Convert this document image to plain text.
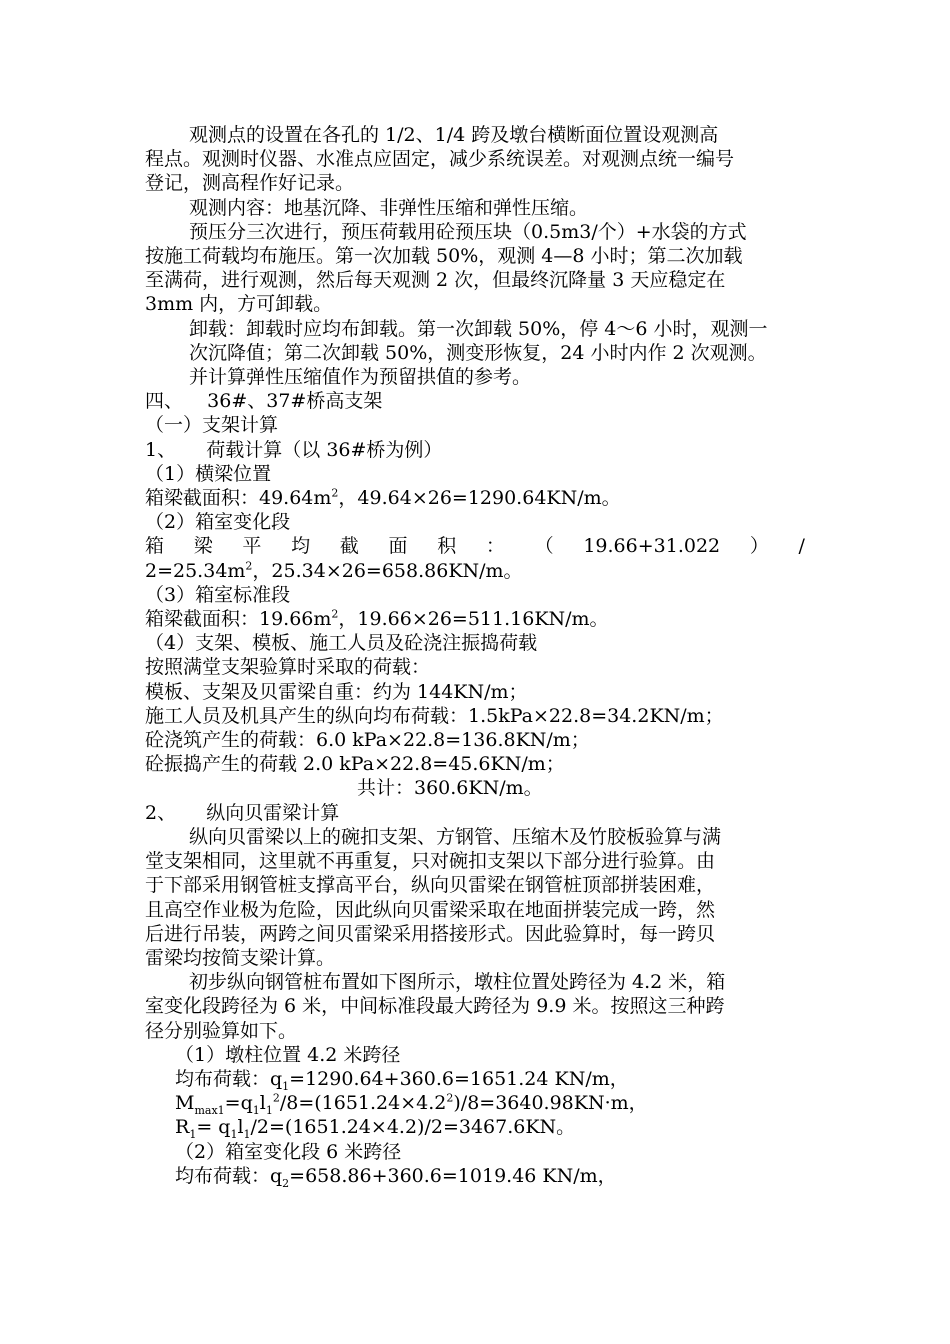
观测点的设置在各孔的 1/2、1/4 跨及墩台横断面位置设观测高

程点。观测时仪器、水准点应固定，减少系统误差。对观测点统一编号

登记，测高程作好记录。

观测内容：地基沉降、非弹性压缩和弹性压缩。

预压分三次进行，预压荷载用砼预压块（0.5m3/个）+水袋的方式

按施工荷载均布施压。第一次加载 50%，观测 4—8 小时；第二次加载

至满荷，进行观测，然后每天观测 2 次，但最终沉降量 3 天应稳定在

3mm 内，方可卸载。

卸载：卸载时应均布卸载。第一次卸载 50%，停 4～6 小时，观测一

次沉降值；第二次卸载 50%，测变形恢复，24 小时内作 2 次观测。

并计算弹性压缩值作为预留拱值的参考。

四、    36#、37#桥高支架

（一）支架计算

1、     荷载计算（以 36#桥为例）

（1）横梁位置

箱梁截面积：$49.64m^2$，49.64×26=1290.64KN/m。

（2）箱室变化段

箱 梁 平 均 截 面 积 ： （ 19.66+31.022 ） /

$2=25.34m^2$，25.34×26=658.86KN/m。

（3）箱室标准段

箱梁截面积：$19.66m^2$，19.66×26=511.16KN/m。

（4）支架、模板、施工人员及砼浇注振捣荷载

按照满堂支架验算时采取的荷载：

模板、支架及贝雷梁自重：约为 144KN/m；

施工人员及机具产生的纵向均布荷载：1.5kPa×22.8=34.2KN/m；

砼浇筑产生的荷载：6.0 kPa×22.8=136.8KN/m；

砼振捣产生的荷载 2.0 kPa×22.8=45.6KN/m；

共计：360.6KN/m。

2、     纵向贝雷梁计算

纵向贝雷梁以上的碗扣支架、方钢管、压缩木及竹胶板验算与满

堂支架相同，这里就不再重复，只对碗扣支架以下部分进行验算。由

于下部采用钢管桩支撑高平台，纵向贝雷梁在钢管桩顶部拼装困难，

且高空作业极为危险，因此纵向贝雷梁采取在地面拼装完成一跨，然

后进行吊装，两跨之间贝雷梁采用搭接形式。因此验算时，每一跨贝

雷梁均按简支梁计算。

初步纵向钢管桩布置如下图所示，墩柱位置处跨径为 4.2 米，箱

室变化段跨径为 6 米，中间标准段最大跨径为 9.9 米。按照这三种跨

径分别验算如下。

（1）墩柱位置 4.2 米跨径

均布荷载：$q_1=1290.64+360.6=1651.24$ KN/m，

$M_{max1}=q_1l_1^2/8=(1651.24\times 4.2^2)/8=3640.98KN\cdot m$，

$R_1= q_1l_1/2=(1651.24\times 4.2)/2=3467.6KN$。

（2）箱室变化段 6 米跨径

均布荷载：$q_2=658.86+360.6=1019.46$ KN/m，
